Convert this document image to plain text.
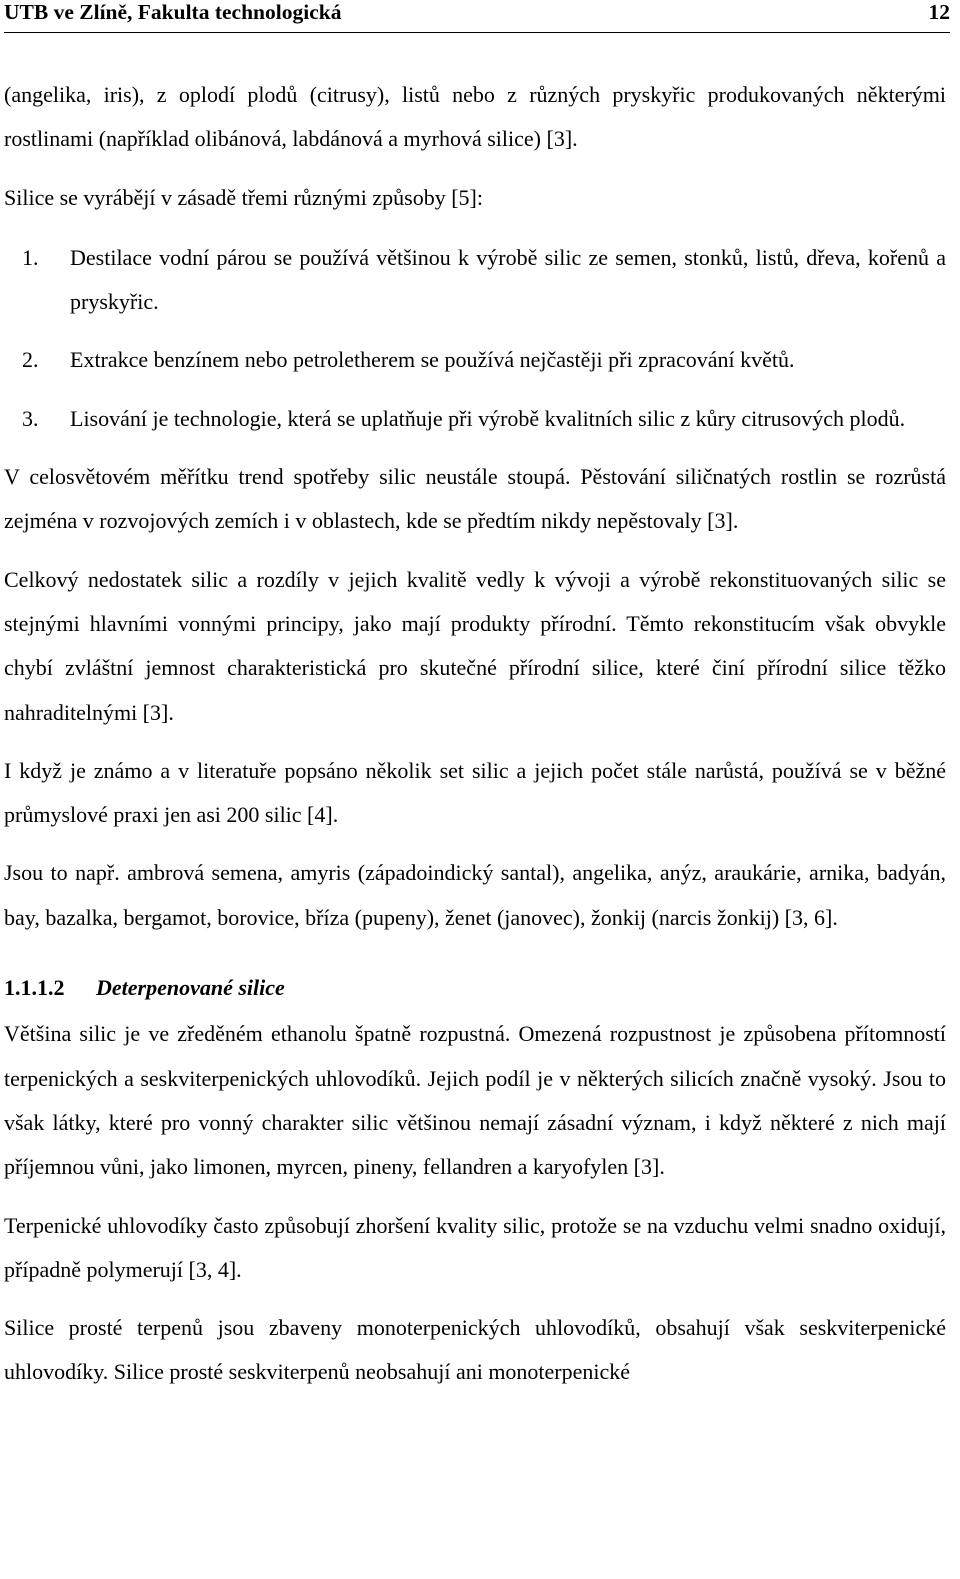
UTB ve Zlíně, Fakulta technologická	12

(angelika, iris), z oplodí plodů (citrusy), listů nebo z různých pryskyřic produkovaných některými rostlinami (například olibánová, labdánová a myrhová silice) [3].

Silice se vyrábějí v zásadě třemi různými způsoby [5]:

1. Destilace vodní párou se používá většinou k výrobě silic ze semen, stonků, listů, dřeva, kořenů a pryskyřic.
2. Extrakce benzínem nebo petroletherem se používá nejčastěji při zpracování květů.
3. Lisování je technologie, která se uplatňuje při výrobě kvalitních silic z kůry citrusových plodů.

V celosvětovém měřítku trend spotřeby silic neustále stoupá. Pěstování siličnatých rostlin se rozrůstá zejména v rozvojových zemích i v oblastech, kde se předtím nikdy nepěstovaly [3].

Celkový nedostatek silic a rozdíly v jejich kvalitě vedly k vývoji a výrobě rekonstituovaných silic se stejnými hlavními vonnými principy, jako mají produkty přírodní. Těmto rekonstitucím však obvykle chybí zvláštní jemnost charakteristická pro skutečné přírodní silice, které činí přírodní silice těžko nahraditelnými [3].

I když je známo a v literatuře popsáno několik set silic a jejich počet stále narůstá, používá se v běžné průmyslové praxi jen asi 200 silic [4].

Jsou to např. ambrová semena, amyris (západoindický santal), angelika, anýz, araukárie, arnika, badyán, bay, bazalka, bergamot, borovice, bříza (pupeny), ženet (janovec), žonkij (narcis žonkij) [3, 6].

1.1.1.2 Deterpenované silice

Většina silic je ve zředěném ethanolu špatně rozpustná. Omezená rozpustnost je způsobena přítomností terpenických a seskviterpenických uhlovodíků. Jejich podíl je v některých silicích značně vysoký. Jsou to však látky, které pro vonný charakter silic většinou nemají zásadní význam, i když některé z nich mají příjemnou vůni, jako limonen, myrcen, pineny, fellandren a karyofylen [3].

Terpenické uhlovodíky často způsobují zhoršení kvality silic, protože se na vzduchu velmi snadno oxidují, případně polymerují [3, 4].

Silice prosté terpenů jsou zbaveny monoterpenických uhlovodíků, obsahují však seskviterpenické uhlovodíky. Silice prosté seskviterpenů neobsahují ani monoterpenické
